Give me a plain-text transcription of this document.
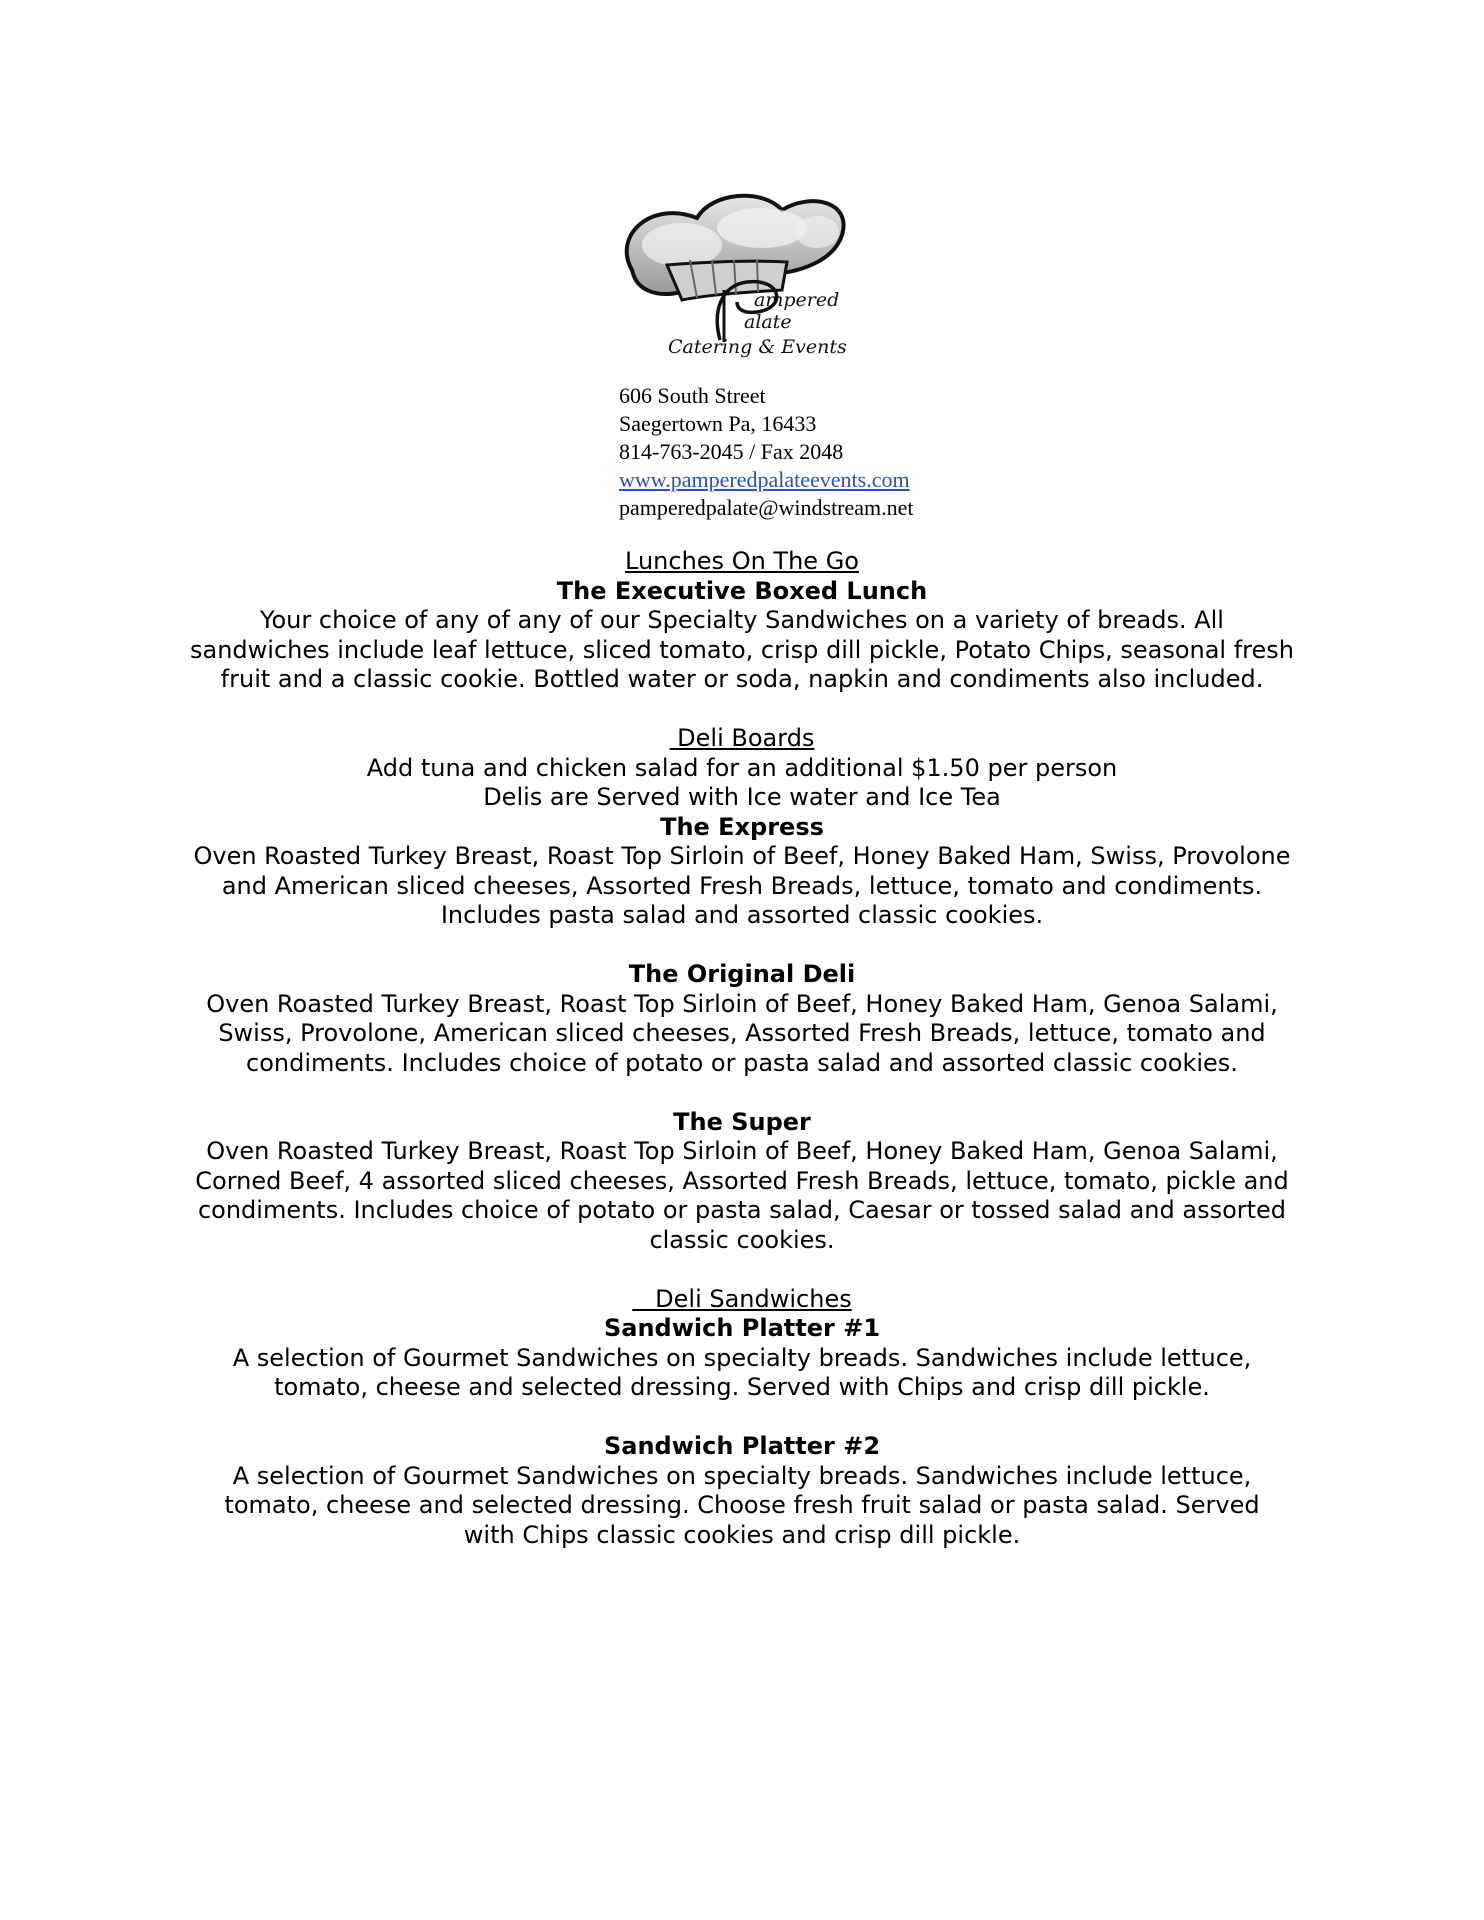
ampered
alate
Catering & Events
606 South Street
Saegertown Pa, 16433
814-763-2045 / Fax 2048
www.pamperedpalateevents.com
pamperedpalate@windstream.net

Lunches On The Go

The Executive Boxed Lunch

Your choice of any of any of our Specialty Sandwiches on a variety of breads. All

sandwiches include leaf lettuce, sliced tomato, crisp dill pickle, Potato Chips, seasonal fresh

fruit and a classic cookie. Bottled water or soda, napkin and condiments also included.

Deli Boards

Add tuna and chicken salad for an additional $1.50 per person

Delis are Served with Ice water and Ice Tea

The Express

Oven Roasted Turkey Breast, Roast Top Sirloin of Beef, Honey Baked Ham, Swiss, Provolone

and American sliced cheeses, Assorted Fresh Breads, lettuce, tomato and condiments.

Includes pasta salad and assorted classic cookies.

The Original Deli

Oven Roasted Turkey Breast, Roast Top Sirloin of Beef, Honey Baked Ham, Genoa Salami,

Swiss, Provolone, American sliced cheeses, Assorted Fresh Breads, lettuce, tomato and

condiments. Includes choice of potato or pasta salad and assorted classic cookies.

The Super

Oven Roasted Turkey Breast, Roast Top Sirloin of Beef, Honey Baked Ham, Genoa Salami,

Corned Beef, 4 assorted sliced cheeses, Assorted Fresh Breads, lettuce, tomato, pickle and

condiments. Includes choice of potato or pasta salad, Caesar or tossed salad and assorted

classic cookies.

Deli Sandwiches

Sandwich Platter #1

A selection of Gourmet Sandwiches on specialty breads. Sandwiches include lettuce,

tomato, cheese and selected dressing. Served with Chips and crisp dill pickle.

Sandwich Platter #2

A selection of Gourmet Sandwiches on specialty breads. Sandwiches include lettuce,

tomato, cheese and selected dressing. Choose fresh fruit salad or pasta salad. Served

with Chips classic cookies and crisp dill pickle.
